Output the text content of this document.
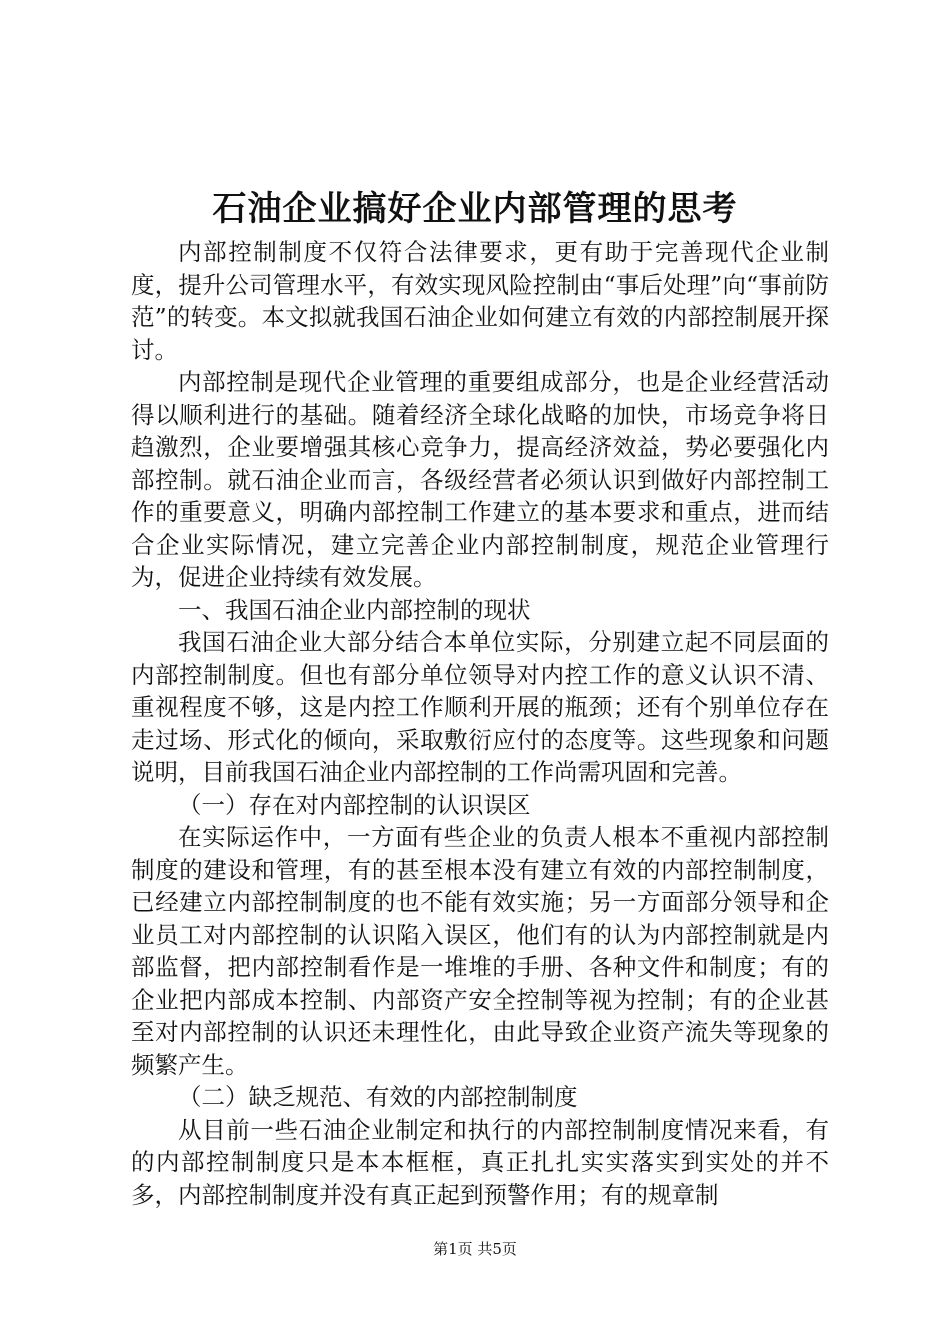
石油企业搞好企业内部管理的思考

内部控制制度不仅符合法律要求，更有助于完善现代企业制度，提升公司管理水平，有效实现风险控制由“事后处理”向“事前防范”的转变。本文拟就我国石油企业如何建立有效的内部控制展开探讨。

内部控制是现代企业管理的重要组成部分，也是企业经营活动得以顺利进行的基础。随着经济全球化战略的加快，市场竞争将日趋激烈，企业要增强其核心竞争力，提高经济效益，势必要强化内部控制。就石油企业而言，各级经营者必须认识到做好内部控制工作的重要意义，明确内部控制工作建立的基本要求和重点，进而结合企业实际情况，建立完善企业内部控制制度，规范企业管理行为，促进企业持续有效发展。

一、我国石油企业内部控制的现状

我国石油企业大部分结合本单位实际，分别建立起不同层面的内部控制制度。但也有部分单位领导对内控工作的意义认识不清、重视程度不够，这是内控工作顺利开展的瓶颈；还有个别单位存在走过场、形式化的倾向，采取敷衍应付的态度等。这些现象和问题说明，目前我国石油企业内部控制的工作尚需巩固和完善。

（一）存在对内部控制的认识误区

在实际运作中，一方面有些企业的负责人根本不重视内部控制制度的建设和管理，有的甚至根本没有建立有效的内部控制制度，已经建立内部控制制度的也不能有效实施；另一方面部分领导和企业员工对内部控制的认识陷入误区，他们有的认为内部控制就是内部监督，把内部控制看作是一堆堆的手册、各种文件和制度；有的企业把内部成本控制、内部资产安全控制等视为控制；有的企业甚至对内部控制的认识还未理性化，由此导致企业资产流失等现象的频繁产生。

（二）缺乏规范、有效的内部控制制度

从目前一些石油企业制定和执行的内部控制制度情况来看，有的内部控制制度只是本本框框，真正扎扎实实落实到实处的并不多，内部控制制度并没有真正起到预警作用；有的规章制

第1页 共5页
